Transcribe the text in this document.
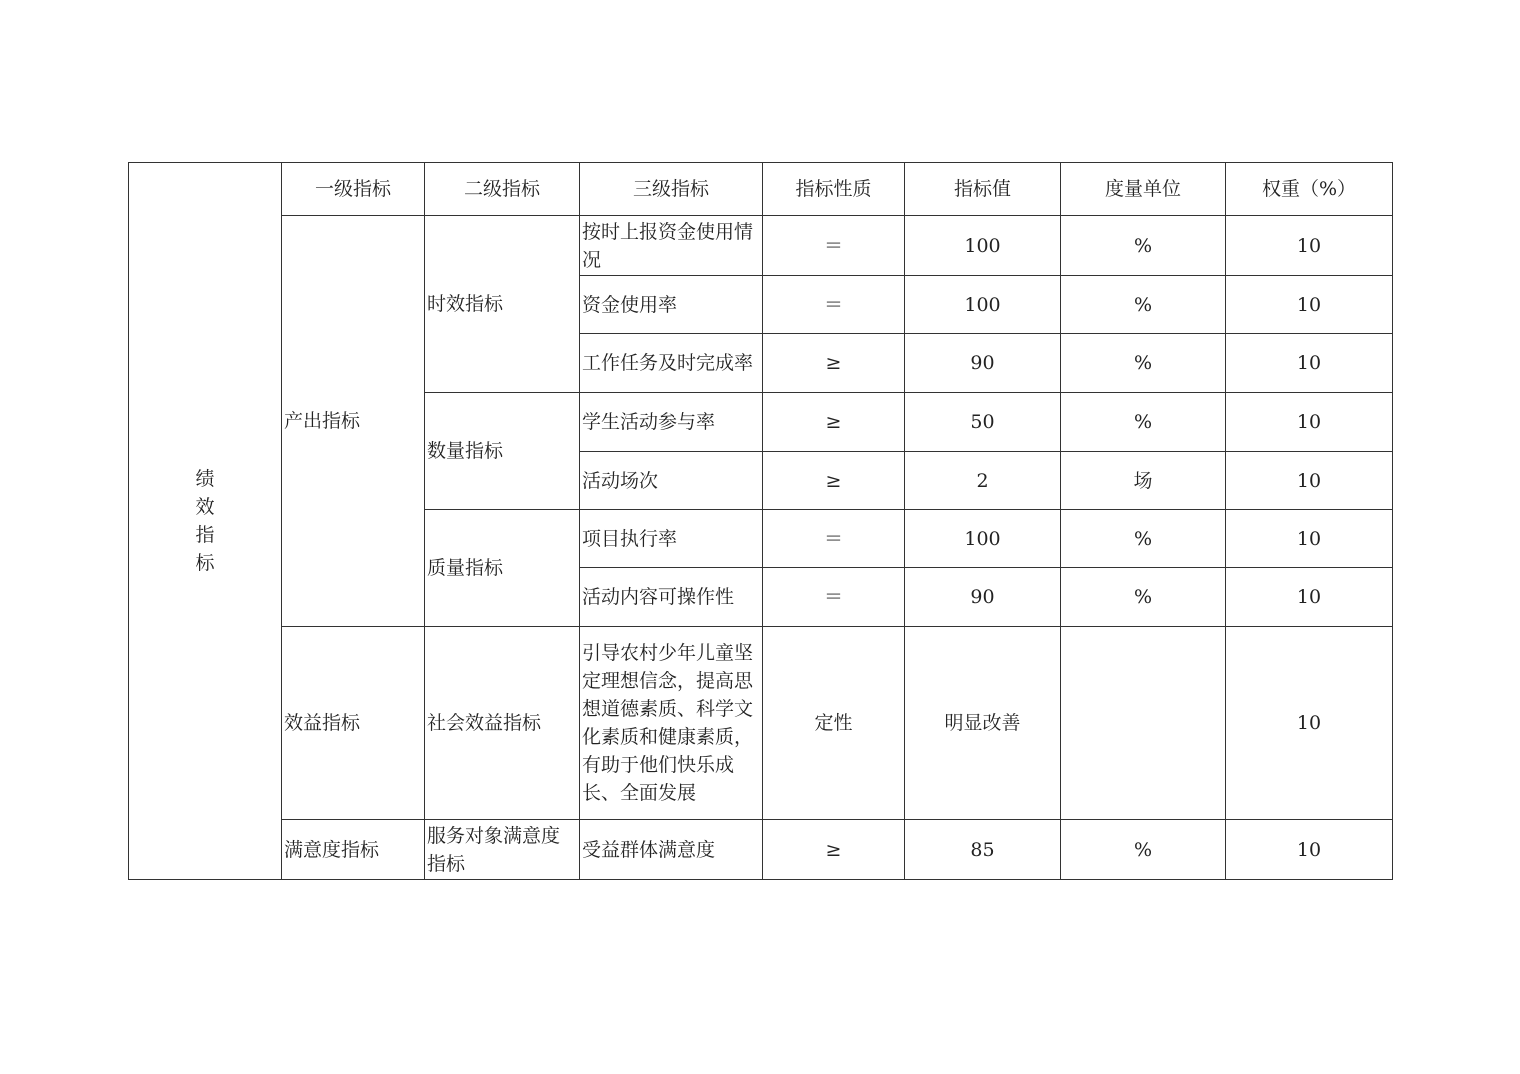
绩
效
指
标	一级指标	二级指标	三级指标	指标性质	指标值	度量单位	权重（%）
	产出指标	时效指标	按时上报资金使用情况	＝	100	%	10
			资金使用率	＝	100	%	10
			工作任务及时完成率	≥	90	%	10
		数量指标	学生活动参与率	≥	50	%	10
			活动场次	≥	2	场	10
		质量指标	项目执行率	＝	100	%	10
			活动内容可操作性	＝	90	%	10
	效益指标	社会效益指标	引导农村少年儿童坚定理想信念，提高思想道德素质、科学文化素质和健康素质，有助于他们快乐成长、全面发展	定性	明显改善		10
	满意度指标	服务对象满意度指标	受益群体满意度	≥	85	%	10
